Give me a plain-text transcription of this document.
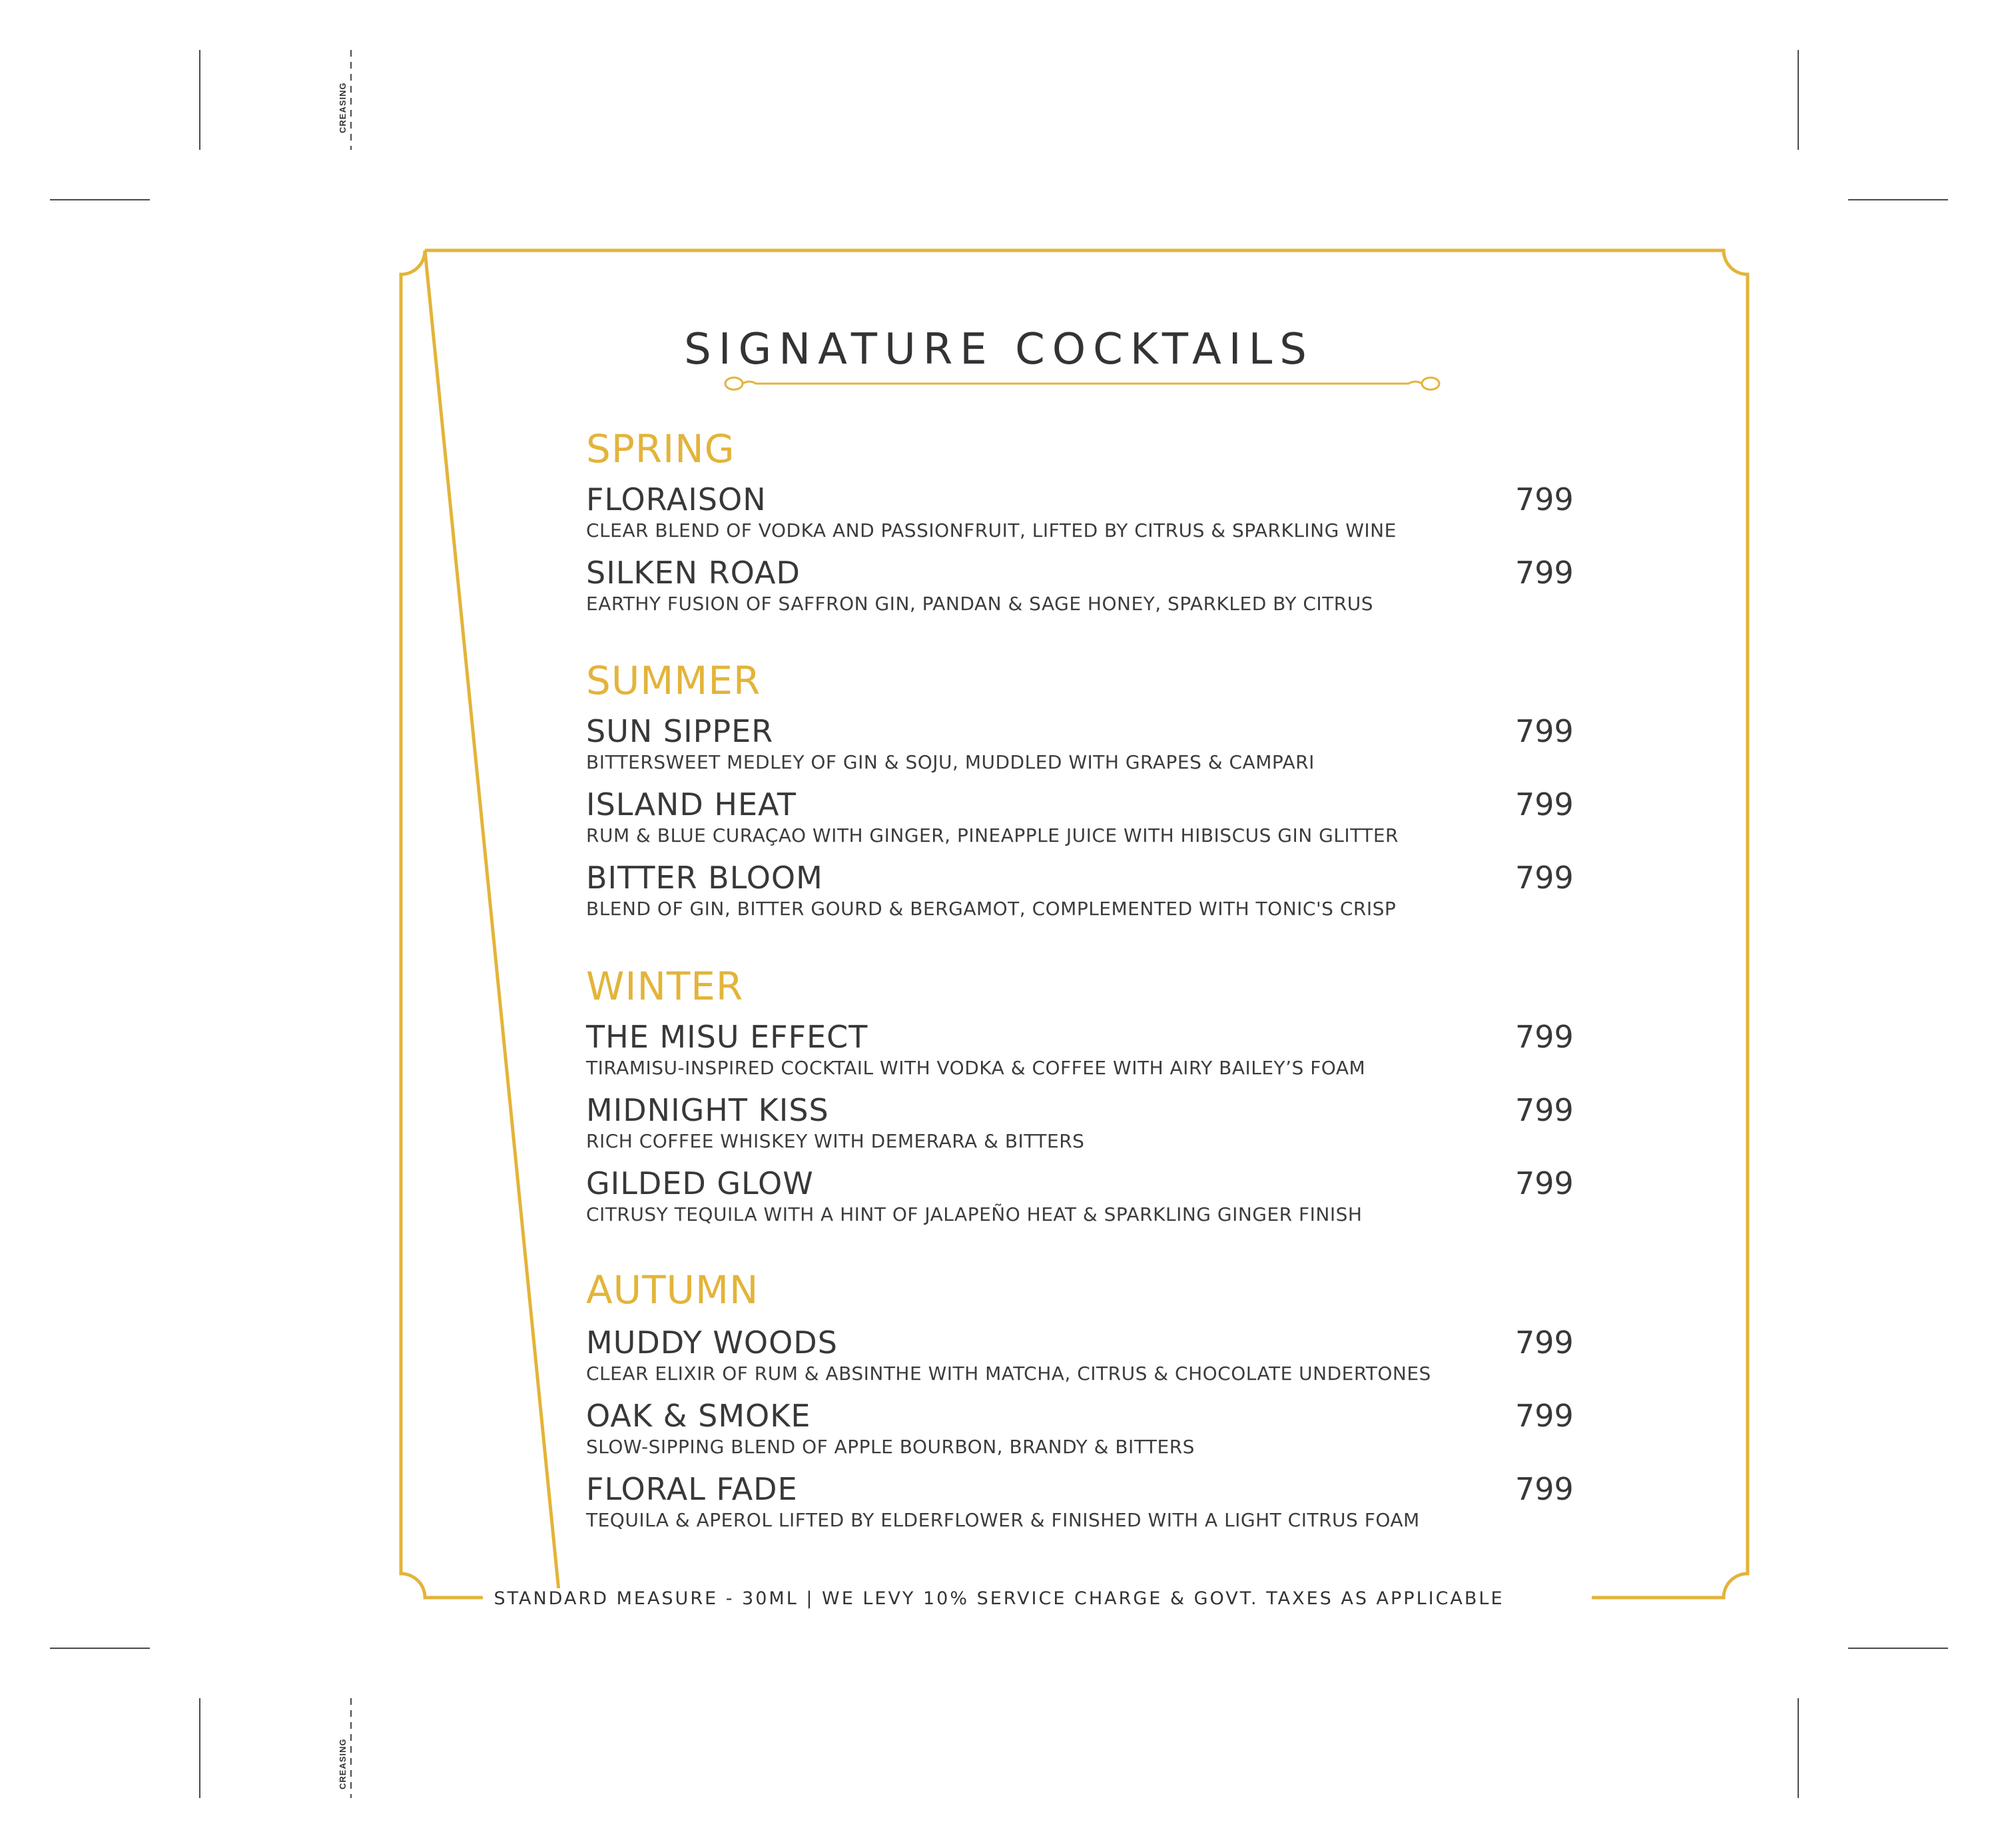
CREASING
CREASING
SIGNATURE COCKTAILS
SPRING
FLORAISON
CLEAR BLEND OF VODKA AND PASSIONFRUIT, LIFTED BY CITRUS & SPARKLING WINE
799
SILKEN ROAD
EARTHY FUSION OF SAFFRON GIN, PANDAN & SAGE HONEY, SPARKLED BY CITRUS
799
SUMMER
SUN SIPPER
BITTERSWEET MEDLEY OF GIN & SOJU, MUDDLED WITH GRAPES & CAMPARI
799
ISLAND HEAT
RUM & BLUE CURAÇAO WITH GINGER, PINEAPPLE JUICE WITH HIBISCUS GIN GLITTER
799
BITTER BLOOM
BLEND OF GIN, BITTER GOURD & BERGAMOT, COMPLEMENTED WITH TONIC'S CRISP
799
WINTER
THE MISU EFFECT
TIRAMISU-INSPIRED COCKTAIL WITH VODKA & COFFEE WITH AIRY BAILEY’S FOAM
799
MIDNIGHT KISS
RICH COFFEE WHISKEY WITH DEMERARA & BITTERS
799
GILDED GLOW
CITRUSY TEQUILA WITH A HINT OF JALAPEÑO HEAT & SPARKLING GINGER FINISH
799
AUTUMN
MUDDY WOODS
CLEAR ELIXIR OF RUM & ABSINTHE WITH MATCHA, CITRUS & CHOCOLATE UNDERTONES
799
OAK & SMOKE
SLOW-SIPPING BLEND OF APPLE BOURBON, BRANDY & BITTERS
799
FLORAL FADE
TEQUILA & APEROL LIFTED BY ELDERFLOWER & FINISHED WITH A LIGHT CITRUS FOAM
799
STANDARD MEASURE - 30ML | WE LEVY 10% SERVICE CHARGE & GOVT. TAXES AS APPLICABLE
